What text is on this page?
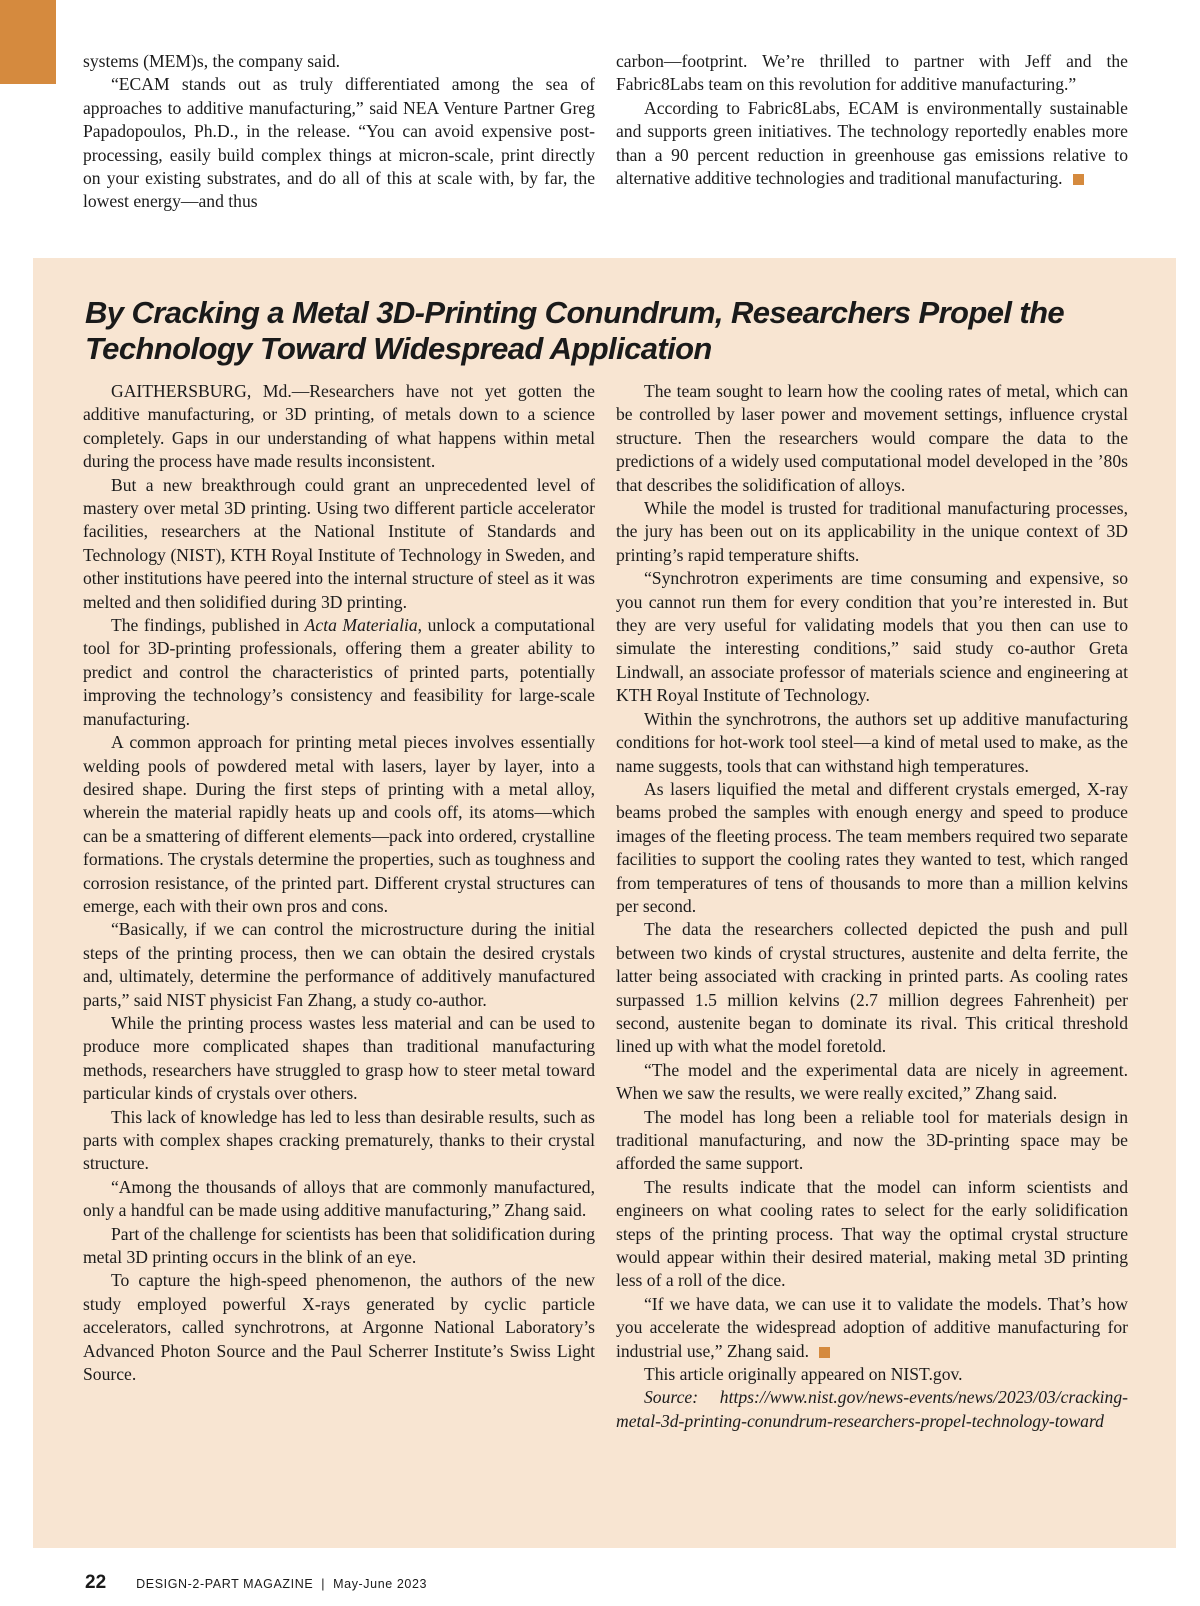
systems (MEM)s, the company said.

“ECAM stands out as truly differentiated among the sea of approaches to additive manufacturing,” said NEA Venture Partner Greg Papadopoulos, Ph.D., in the release. “You can avoid expensive post-processing, easily build complex things at micron-scale, print directly on your existing substrates, and do all of this at scale with, by far, the lowest energy—and thus

carbon—footprint. We’re thrilled to partner with Jeff and the Fabric8Labs team on this revolution for additive manufacturing.”

According to Fabric8Labs, ECAM is environmentally sustainable and supports green initiatives. The technology reportedly enables more than a 90 percent reduction in greenhouse gas emissions relative to alternative additive technologies and traditional manufacturing.

By Cracking a Metal 3D-Printing Conundrum, Researchers Propel the
Technology Toward Widespread Application

GAITHERSBURG, Md.—Researchers have not yet gotten the additive manufacturing, or 3D printing, of metals down to a science completely. Gaps in our understanding of what happens within metal during the process have made results inconsistent.

But a new breakthrough could grant an unprecedented level of mastery over metal 3D printing. Using two different particle accelerator facilities, researchers at the National Institute of Standards and Technology (NIST), KTH Royal Institute of Technology in Sweden, and other institutions have peered into the internal structure of steel as it was melted and then solidified during 3D printing.

The findings, published in Acta Materialia, unlock a computational tool for 3D-printing professionals, offering them a greater ability to predict and control the characteristics of printed parts, potentially improving the technology’s consistency and feasibility for large-scale manufacturing.

A common approach for printing metal pieces involves essentially welding pools of powdered metal with lasers, layer by layer, into a desired shape. During the first steps of printing with a metal alloy, wherein the material rapidly heats up and cools off, its atoms—which can be a smattering of different elements—pack into ordered, crystalline formations. The crystals determine the properties, such as toughness and corrosion resistance, of the printed part. Different crystal structures can emerge, each with their own pros and cons.

“Basically, if we can control the microstructure during the initial steps of the printing process, then we can obtain the desired crystals and, ultimately, determine the performance of additively manufactured parts,” said NIST physicist Fan Zhang, a study co-author.

While the printing process wastes less material and can be used to produce more complicated shapes than traditional manufacturing methods, researchers have struggled to grasp how to steer metal toward particular kinds of crystals over others.

This lack of knowledge has led to less than desirable results, such as parts with complex shapes cracking prematurely, thanks to their crystal structure.

“Among the thousands of alloys that are commonly manufactured, only a handful can be made using additive manufacturing,” Zhang said.

Part of the challenge for scientists has been that solidification during metal 3D printing occurs in the blink of an eye.

To capture the high-speed phenomenon, the authors of the new study employed powerful X-rays generated by cyclic particle accelerators, called synchrotrons, at Argonne National Laboratory’s Advanced Photon Source and the Paul Scherrer Institute’s Swiss Light Source.

The team sought to learn how the cooling rates of metal, which can be controlled by laser power and movement settings, influence crystal structure. Then the researchers would compare the data to the predictions of a widely used computational model developed in the ’80s that describes the solidification of alloys.

While the model is trusted for traditional manufacturing processes, the jury has been out on its applicability in the unique context of 3D printing’s rapid temperature shifts.

“Synchrotron experiments are time consuming and expensive, so you cannot run them for every condition that you’re interested in. But they are very useful for validating models that you then can use to simulate the interesting conditions,” said study co-author Greta Lindwall, an associate professor of materials science and engineering at KTH Royal Institute of Technology.

Within the synchrotrons, the authors set up additive manufacturing conditions for hot-work tool steel—a kind of metal used to make, as the name suggests, tools that can withstand high temperatures.

As lasers liquified the metal and different crystals emerged, X-ray beams probed the samples with enough energy and speed to produce images of the fleeting process. The team members required two separate facilities to support the cooling rates they wanted to test, which ranged from temperatures of tens of thousands to more than a million kelvins per second.

The data the researchers collected depicted the push and pull between two kinds of crystal structures, austenite and delta ferrite, the latter being associated with cracking in printed parts. As cooling rates surpassed 1.5 million kelvins (2.7 million degrees Fahrenheit) per second, austenite began to dominate its rival. This critical threshold lined up with what the model foretold.

“The model and the experimental data are nicely in agreement. When we saw the results, we were really excited,” Zhang said.

The model has long been a reliable tool for materials design in traditional manufacturing, and now the 3D-printing space may be afforded the same support.

The results indicate that the model can inform scientists and engineers on what cooling rates to select for the early solidification steps of the printing process. That way the optimal crystal structure would appear within their desired material, making metal 3D printing less of a roll of the dice.

“If we have data, we can use it to validate the models. That’s how you accelerate the widespread adoption of additive manufacturing for industrial use,” Zhang said.

This article originally appeared on NIST.gov.

Source: https://www.nist.gov/news-events/news/2023/03/cracking-metal-3d-printing-conundrum-researchers-propel-technology-toward

22 DESIGN-2-PART MAGAZINE | May-June 2023
